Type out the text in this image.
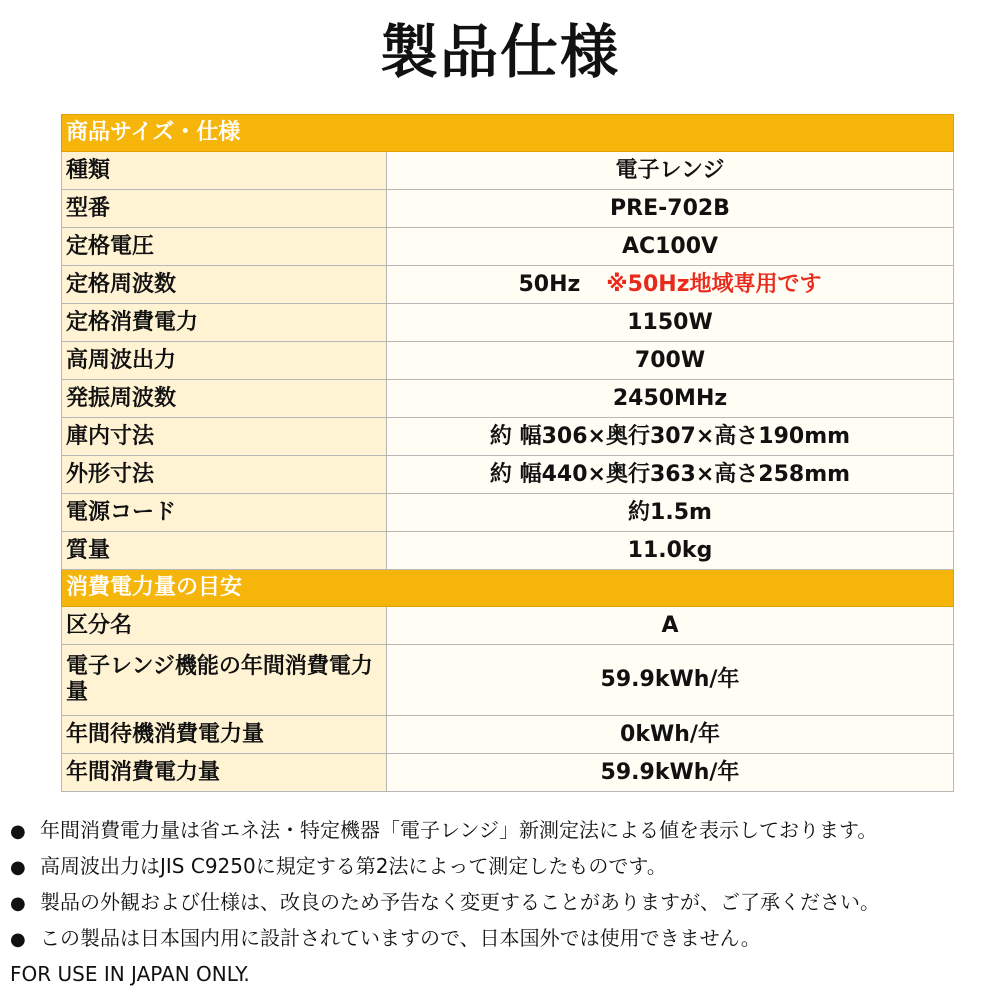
製品仕様
商品サイズ・仕様	
種類	電子レンジ
型番	PRE-702B
定格電圧	AC100V
定格周波数	50Hz ※50Hz地域専用です
定格消費電力	1150W
高周波出力	700W
発振周波数	2450MHz
庫内寸法	約 幅306×奥行307×高さ190mm
外形寸法	約 幅440×奥行363×高さ258mm
電源コード	約1.5m
質量	11.0kg
消費電力量の目安	
区分名	A
電子レンジ機能の年間消費電力量	59.9kWh/年
年間待機消費電力量	0kWh/年
年間消費電力量	59.9kWh/年
● 年間消費電力量は省エネ法・特定機器「電子レンジ」新測定法による値を表示しております。
● 高周波出力はJIS C9250に規定する第2法によって測定したものです。
● 製品の外観および仕様は、改良のため予告なく変更することがありますが、ご了承ください。
● この製品は日本国内用に設計されていますので、日本国外では使用できません。
FOR USE IN JAPAN ONLY.
